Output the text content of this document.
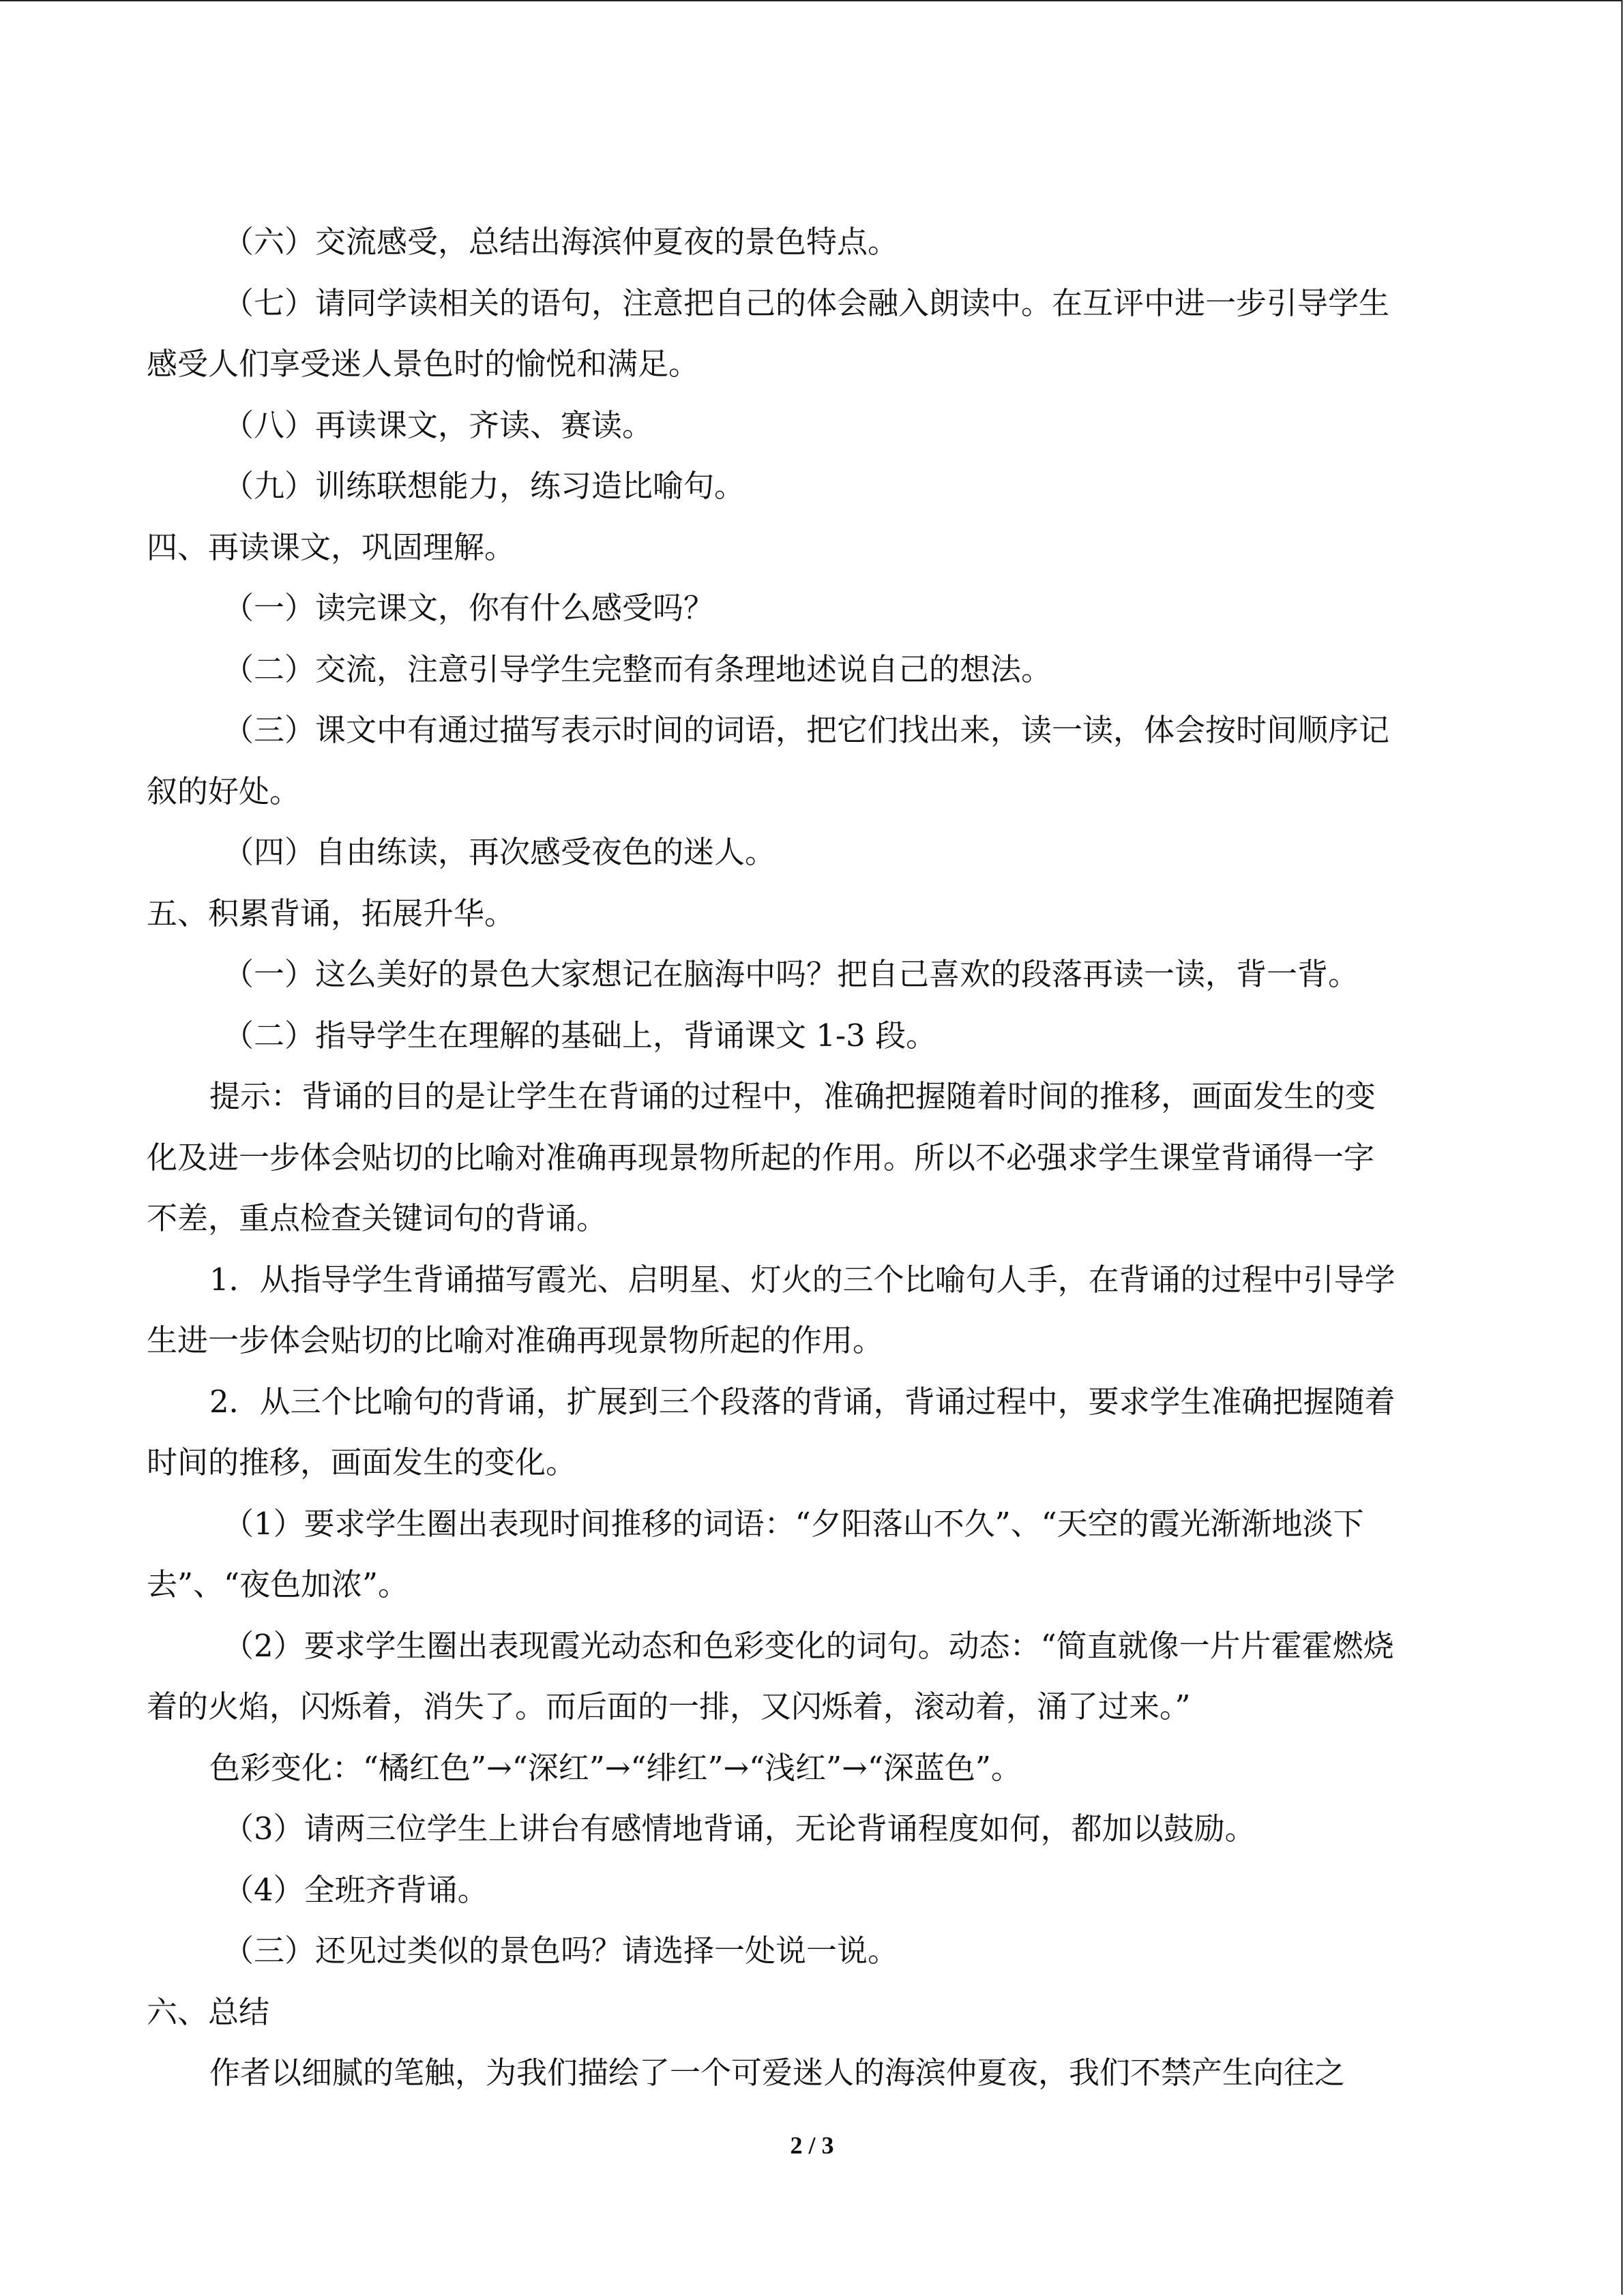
（六）交流感受，总结出海滨仲夏夜的景色特点。
（七）请同学读相关的语句，注意把自己的体会融入朗读中。在互评中进一步引导学生
感受人们享受迷人景色时的愉悦和满足。
（八）再读课文，齐读、赛读。
（九）训练联想能力，练习造比喻句。
四、再读课文，巩固理解。
（一）读完课文，你有什么感受吗？
（二）交流，注意引导学生完整而有条理地述说自己的想法。
（三）课文中有通过描写表示时间的词语，把它们找出来，读一读，体会按时间顺序记
叙的好处。
（四）自由练读，再次感受夜色的迷人。
五、积累背诵，拓展升华。
（一）这么美好的景色大家想记在脑海中吗？把自己喜欢的段落再读一读，背一背。
（二）指导学生在理解的基础上，背诵课文 1-3 段。
提示：背诵的目的是让学生在背诵的过程中，准确把握随着时间的推移，画面发生的变
化及进一步体会贴切的比喻对准确再现景物所起的作用。所以不必强求学生课堂背诵得一字
不差，重点检查关键词句的背诵。
1．从指导学生背诵描写霞光、启明星、灯火的三个比喻句人手，在背诵的过程中引导学
生进一步体会贴切的比喻对准确再现景物所起的作用。
2．从三个比喻句的背诵，扩展到三个段落的背诵，背诵过程中，要求学生准确把握随着
时间的推移，画面发生的变化。
（1）要求学生圈出表现时间推移的词语：“夕阳落山不久”、“天空的霞光渐渐地淡下
去”、“夜色加浓”。
（2）要求学生圈出表现霞光动态和色彩变化的词句。动态：“简直就像一片片霍霍燃烧
着的火焰，闪烁着，消失了。而后面的一排，又闪烁着，滚动着，涌了过来。”
色彩变化：“橘红色”→“深红”→“绯红”→“浅红”→“深蓝色”。
（3）请两三位学生上讲台有感情地背诵，无论背诵程度如何，都加以鼓励。
（4）全班齐背诵。
（三）还见过类似的景色吗？请选择一处说一说。
六、总结
作者以细腻的笔触，为我们描绘了一个可爱迷人的海滨仲夏夜，我们不禁产生向往之
2 / 3
